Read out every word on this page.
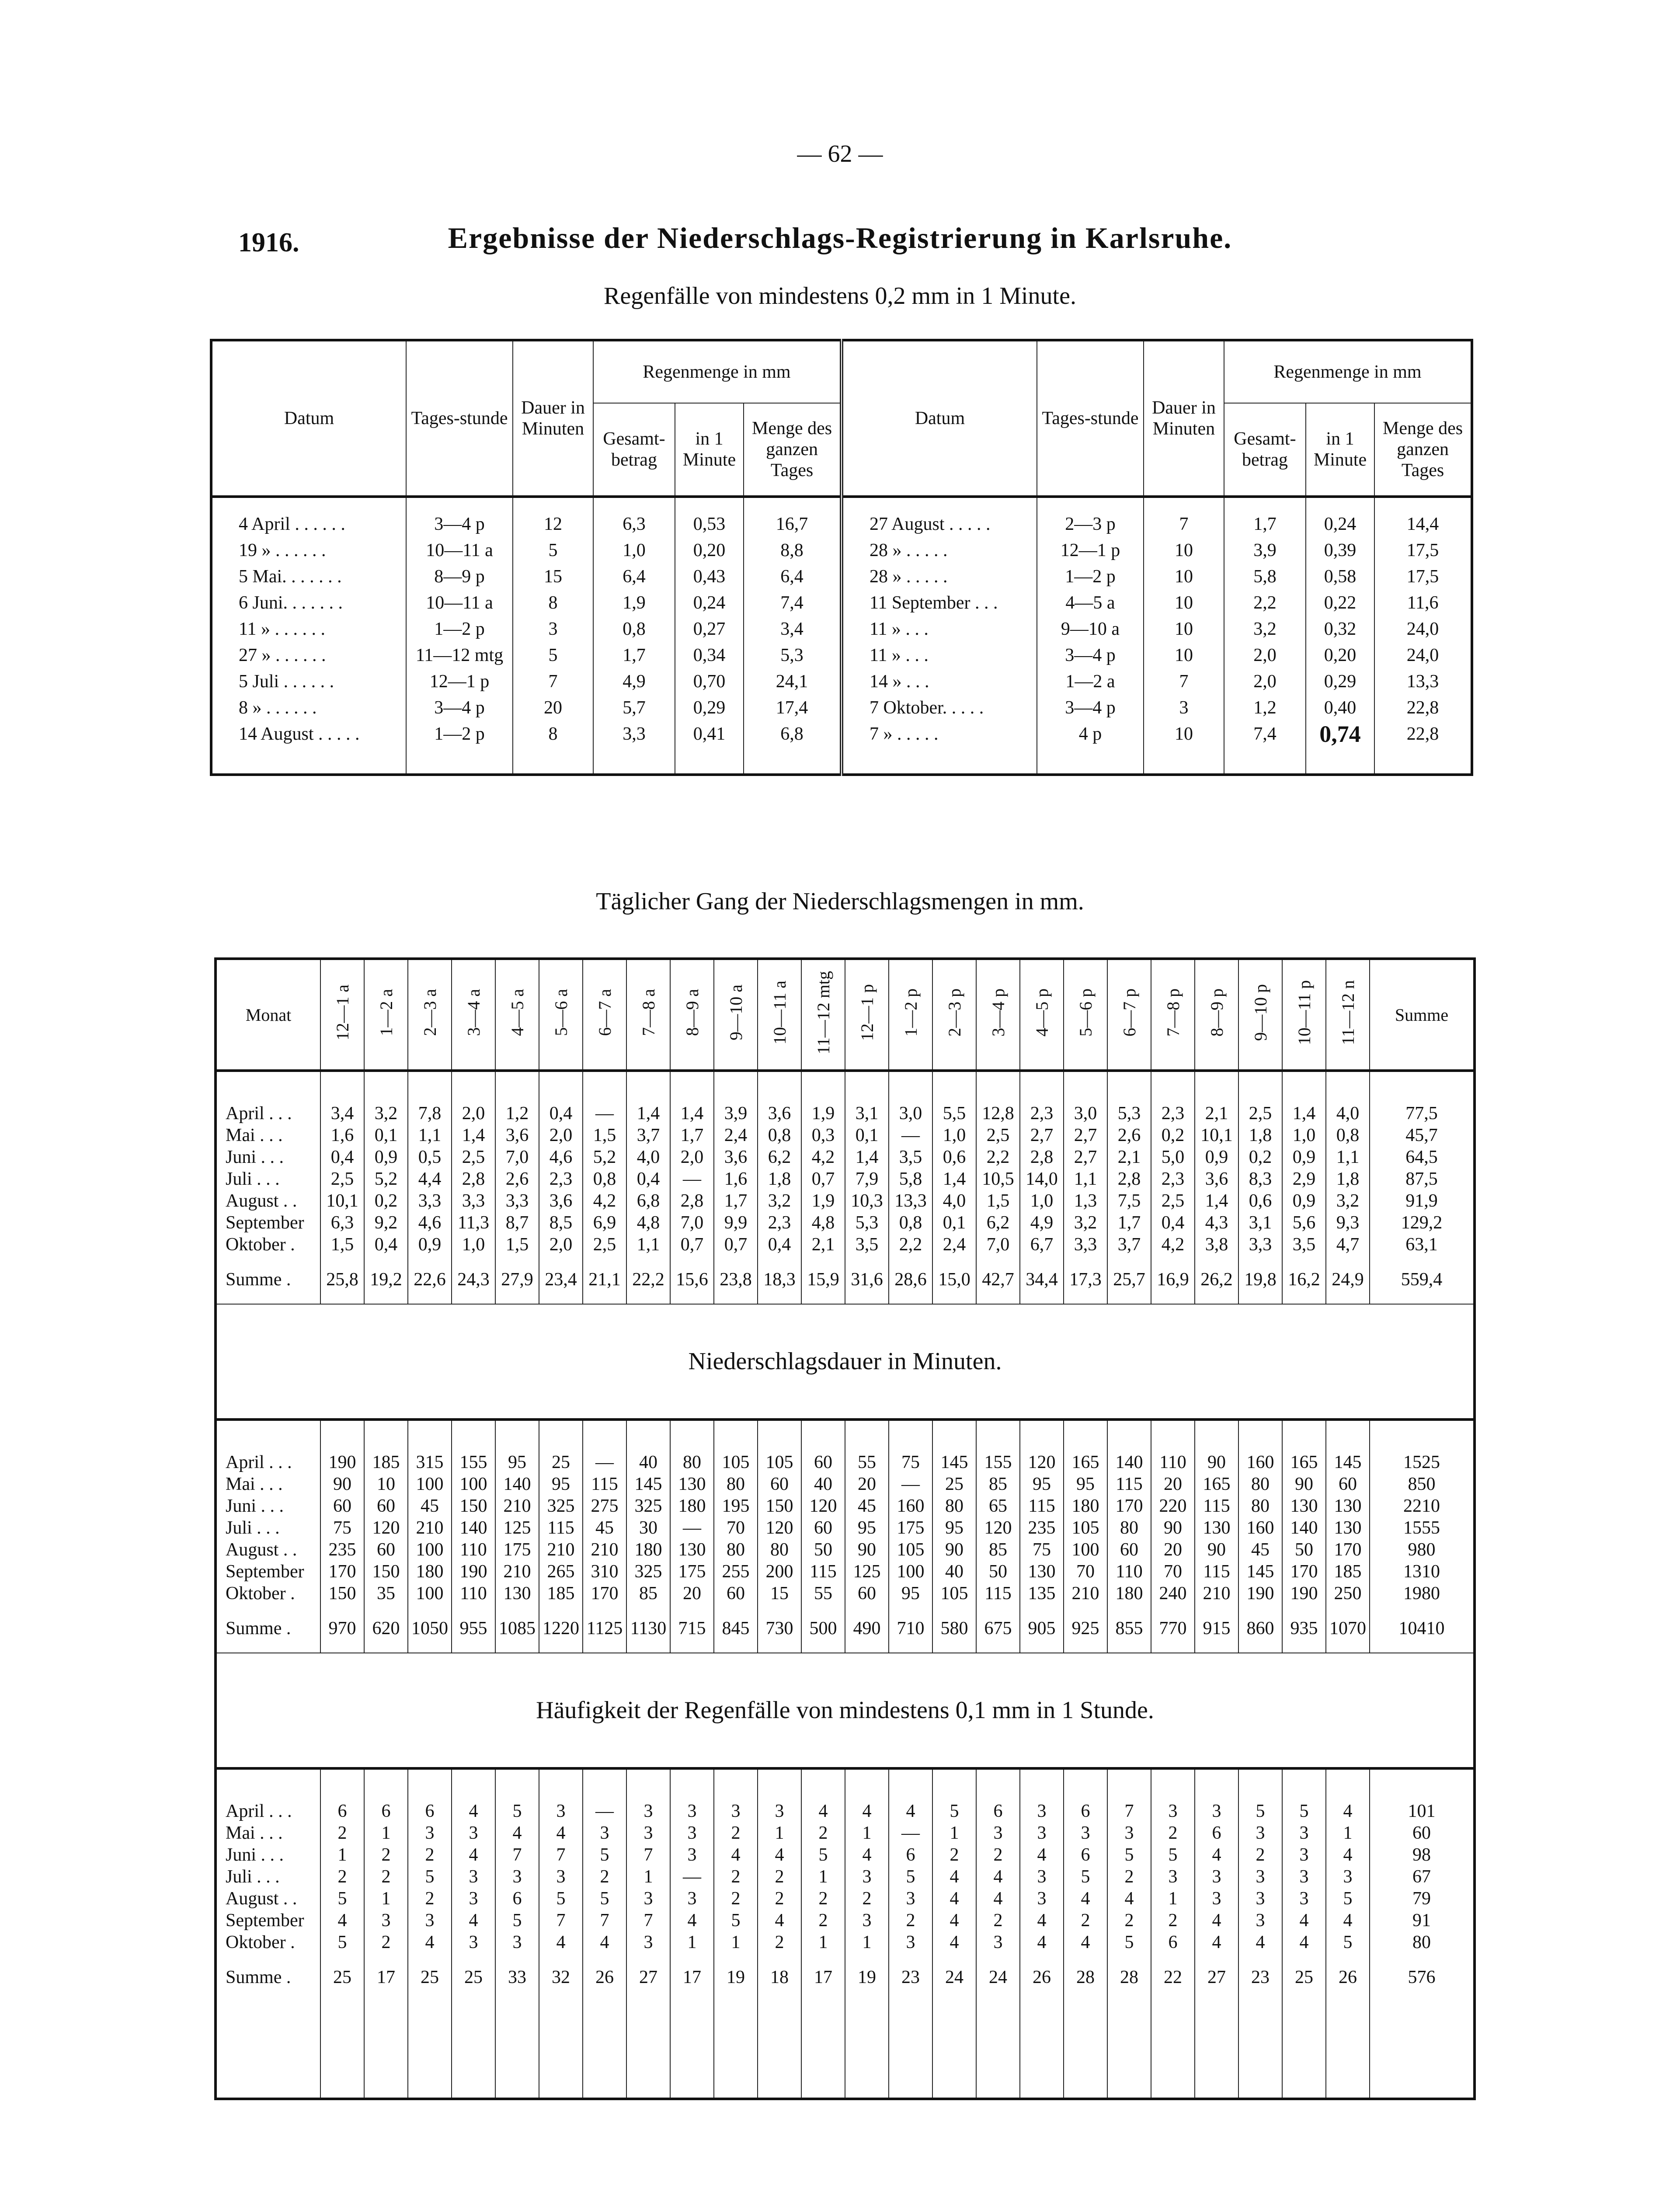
— 62 —
1916.	Ergebnisse der Niederschlags-Registrierung in Karlsruhe.
Regenfälle von mindestens 0,2 mm in 1 Minute.
Datum	Tages-stunde	Dauer in Minuten	Regenmenge in mm			Datum	Tages-stunde	Dauer in Minuten	Regenmenge in mm		
			Gesamt-betrag	in 1 Minute	Menge des ganzen Tages				Gesamt-betrag	in 1 Minute	Menge des ganzen Tages
4 April . . . . . .	3—4 p	12	6,3	0,53	16,7	27 August . . . . .	2—3 p	7	1,7	0,24	14,4
19 » . . . . . .	10—11 a	5	1,0	0,20	8,8	28 » . . . . .	12—1 p	10	3,9	0,39	17,5
5 Mai. . . . . . .	8—9 p	15	6,4	0,43	6,4	28 » . . . . .	1—2 p	10	5,8	0,58	17,5
6 Juni. . . . . . .	10—11 a	8	1,9	0,24	7,4	11 September . . .	4—5 a	10	2,2	0,22	11,6
11 » . . . . . .	1—2 p	3	0,8	0,27	3,4	11 » . . .	9—10 a	10	3,2	0,32	24,0
27 » . . . . . .	11—12 mtg	5	1,7	0,34	5,3	11 » . . .	3—4 p	10	2,0	0,20	24,0
5 Juli . . . . . .	12—1 p	7	4,9	0,70	24,1	14 » . . .	1—2 a	7	2,0	0,29	13,3
8 » . . . . . .	3—4 p	20	5,7	0,29	17,4	7 Oktober. . . . .	3—4 p	3	1,2	0,40	22,8
14 August . . . . .	1—2 p	8	3,3	0,41	6,8	7 » . . . . .	4 p	10	7,4	0,74	22,8
Monat	12—1 a	1—2 a	2—3 a	3—4 a	4—5 a	5—6 a	6—7 a	7—8 a	8—9 a	9—10 a	10—11 a	11—12 mtg	12—1 p	1—2 p	2—3 p	3—4 p	4—5 p	5—6 p	6—7 p	7—8 p	8—9 p	9—10 p	10—11 p	11—12 n	Summe

April . . .	3,4	3,2	7,8	2,0	1,2	0,4	—	1,4	1,4	3,9	3,6	1,9	3,1	3,0	5,5	12,8	2,3	3,0	5,3	2,3	2,1	2,5	1,4	4,0	77,5
Mai . . .	1,6	0,1	1,1	1,4	3,6	2,0	1,5	3,7	1,7	2,4	0,8	0,3	0,1	—	1,0	2,5	2,7	2,7	2,6	0,2	10,1	1,8	1,0	0,8	45,7
Juni . . .	0,4	0,9	0,5	2,5	7,0	4,6	5,2	4,0	2,0	3,6	6,2	4,2	1,4	3,5	0,6	2,2	2,8	2,7	2,1	5,0	0,9	0,2	0,9	1,1	64,5
Juli . . .	2,5	5,2	4,4	2,8	2,6	2,3	0,8	0,4	—	1,6	1,8	0,7	7,9	5,8	1,4	10,5	14,0	1,1	2,8	2,3	3,6	8,3	2,9	1,8	87,5
August . .	10,1	0,2	3,3	3,3	3,3	3,6	4,2	6,8	2,8	1,7	3,2	1,9	10,3	13,3	4,0	1,5	1,0	1,3	7,5	2,5	1,4	0,6	0,9	3,2	91,9
September	6,3	9,2	4,6	11,3	8,7	8,5	6,9	4,8	7,0	9,9	2,3	4,8	5,3	0,8	0,1	6,2	4,9	3,2	1,7	0,4	4,3	3,1	5,6	9,3	129,2
Oktober .	1,5	0,4	0,9	1,0	1,5	2,0	2,5	1,1	0,7	0,7	0,4	2,1	3,5	2,2	2,4	7,0	6,7	3,3	3,7	4,2	3,8	3,3	3,5	4,7	63,1
Summe .	25,8	19,2	22,6	24,3	27,9	23,4	21,1	22,2	15,6	23,8	18,3	15,9	31,6	28,6	15,0	42,7	34,4	17,3	25,7	16,9	26,2	19,8	16,2	24,9	559,4

Niederschlagsdauer in Minuten.																									

April . . .	190	185	315	155	95	25	—	40	80	105	105	60	55	75	145	155	120	165	140	110	90	160	165	145	1525
Mai . . .	90	10	100	100	140	95	115	145	130	80	60	40	20	—	25	85	95	95	115	20	165	80	90	60	850
Juni . . .	60	60	45	150	210	325	275	325	180	195	150	120	45	160	80	65	115	180	170	220	115	80	130	130	2210
Juli . . .	75	120	210	140	125	115	45	30	—	70	120	60	95	175	95	120	235	105	80	90	130	160	140	130	1555
August . .	235	60	100	110	175	210	210	180	130	80	80	50	90	105	90	85	75	100	60	20	90	45	50	170	980
September	170	150	180	190	210	265	310	325	175	255	200	115	125	100	40	50	130	70	110	70	115	145	170	185	1310
Oktober .	150	35	100	110	130	185	170	85	20	60	15	55	60	95	105	115	135	210	180	240	210	190	190	250	1980
Summe .	970	620	1050	955	1085	1220	1125	1130	715	845	730	500	490	710	580	675	905	925	855	770	915	860	935	1070	10410

Häufigkeit der Regenfälle von mindestens 0,1 mm in 1 Stunde.																									

April . . .	6	6	6	4	5	3	—	3	3	3	3	4	4	4	5	6	3	6	7	3	3	5	5	4	101
Mai . . .	2	1	3	3	4	4	3	3	3	2	1	2	1	—	1	3	3	3	3	2	6	3	3	1	60
Juni . . .	1	2	2	4	7	7	5	7	3	4	4	5	4	6	2	2	4	6	5	5	4	2	3	4	98
Juli . . .	2	2	5	3	3	3	2	1	—	2	2	1	3	5	4	4	3	5	2	3	3	3	3	3	67
August . .	5	1	2	3	6	5	5	3	3	2	2	2	2	3	4	4	3	4	4	1	3	3	3	5	79
September	4	3	3	4	5	7	7	7	4	5	4	2	3	2	4	2	4	2	2	2	4	3	4	4	91
Oktober .	5	2	4	3	3	4	4	3	1	1	2	1	1	3	4	3	4	4	5	6	4	4	4	5	80
Summe .	25	17	25	25	33	32	26	27	17	19	18	17	19	23	24	24	26	28	28	22	27	23	25	26	576

Täglicher Gang der Niederschlagsmengen in mm.
